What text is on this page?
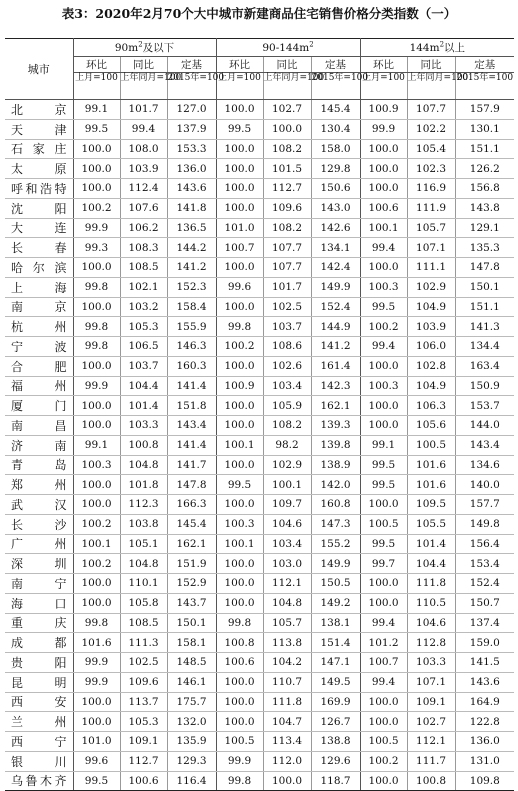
表3：2020年2月70个大中城市新建商品住宅销售价格分类指数（一）
城市	$90m^2$及以下			$90-144m^2$			$144m^2$以上		
	环比	同比	定基	环比	同比	定基	环比	同比	定基
	上月=100	上年同月=100	2015年=100	上月=100	上年同月=100	2015年=100	上月=100	上年同月=100	2015年=100
北京	99.1	101.7	127.0	100.0	102.7	145.4	100.9	107.7	157.9
天津	99.5	99.4	137.9	99.5	100.0	130.4	99.9	102.2	130.1
石家庄	100.0	108.0	153.3	100.0	108.2	158.0	100.0	105.4	151.1
太原	100.0	103.9	136.0	100.0	101.5	129.8	100.0	102.3	126.2
呼和浩特	100.0	112.4	143.6	100.0	112.7	150.6	100.0	116.9	156.8
沈阳	100.2	107.6	141.8	100.0	109.6	143.0	100.6	111.9	143.8
大连	99.9	106.2	136.5	101.0	108.2	142.6	100.1	105.7	129.1
长春	99.3	108.3	144.2	100.7	107.7	134.1	99.4	107.1	135.3
哈尔滨	100.0	108.5	141.2	100.0	107.7	142.4	100.0	111.1	147.8
上海	99.8	102.1	152.3	99.6	101.7	149.9	100.3	102.9	150.1
南京	100.0	103.2	158.4	100.0	102.5	152.4	99.5	104.9	151.1
杭州	99.8	105.3	155.9	99.8	103.7	144.9	100.2	103.9	141.3
宁波	99.8	106.5	146.3	100.2	108.6	141.2	99.4	106.0	134.4
合肥	100.0	103.7	160.3	100.0	102.6	161.4	100.0	102.8	163.4
福州	99.9	104.4	141.4	100.9	103.4	142.3	100.3	104.9	150.9
厦门	100.0	101.4	151.8	100.0	105.9	162.1	100.0	106.3	153.7
南昌	100.0	103.3	143.4	100.0	108.2	139.3	100.0	105.6	144.0
济南	99.1	100.8	141.4	100.1	98.2	139.8	99.1	100.5	143.4
青岛	100.3	104.8	141.7	100.0	102.9	138.9	99.5	101.6	134.6
郑州	100.0	101.8	147.8	99.5	100.1	142.0	99.5	101.6	140.0
武汉	100.0	112.3	166.3	100.0	109.7	160.8	100.0	109.5	157.7
长沙	100.2	103.8	145.4	100.3	104.6	147.3	100.5	105.5	149.8
广州	100.1	105.1	162.1	100.1	103.4	155.2	99.5	101.4	156.4
深圳	100.2	104.8	151.9	100.0	103.0	149.9	99.7	104.4	153.4
南宁	100.0	110.1	152.9	100.0	112.1	150.5	100.0	111.8	152.4
海口	100.0	105.8	143.7	100.0	104.8	149.2	100.0	110.5	150.7
重庆	99.8	108.5	150.1	99.8	105.7	138.1	99.4	104.6	137.4
成都	101.6	111.3	158.1	100.8	113.8	151.4	101.2	112.8	159.0
贵阳	99.9	102.5	148.5	100.6	104.2	147.1	100.7	103.3	141.5
昆明	99.9	109.6	146.1	100.0	110.7	149.5	99.4	107.1	143.6
西安	100.0	113.7	175.7	100.0	111.8	169.9	100.0	109.1	164.9
兰州	100.0	105.3	132.0	100.0	104.7	126.7	100.0	102.7	122.8
西宁	101.0	109.1	135.9	100.5	113.4	138.8	100.5	112.1	136.0
银川	99.6	112.7	129.3	99.9	112.0	129.6	100.2	111.7	131.0
乌鲁木齐	99.5	100.6	116.4	99.8	100.0	118.7	100.0	100.8	109.8
